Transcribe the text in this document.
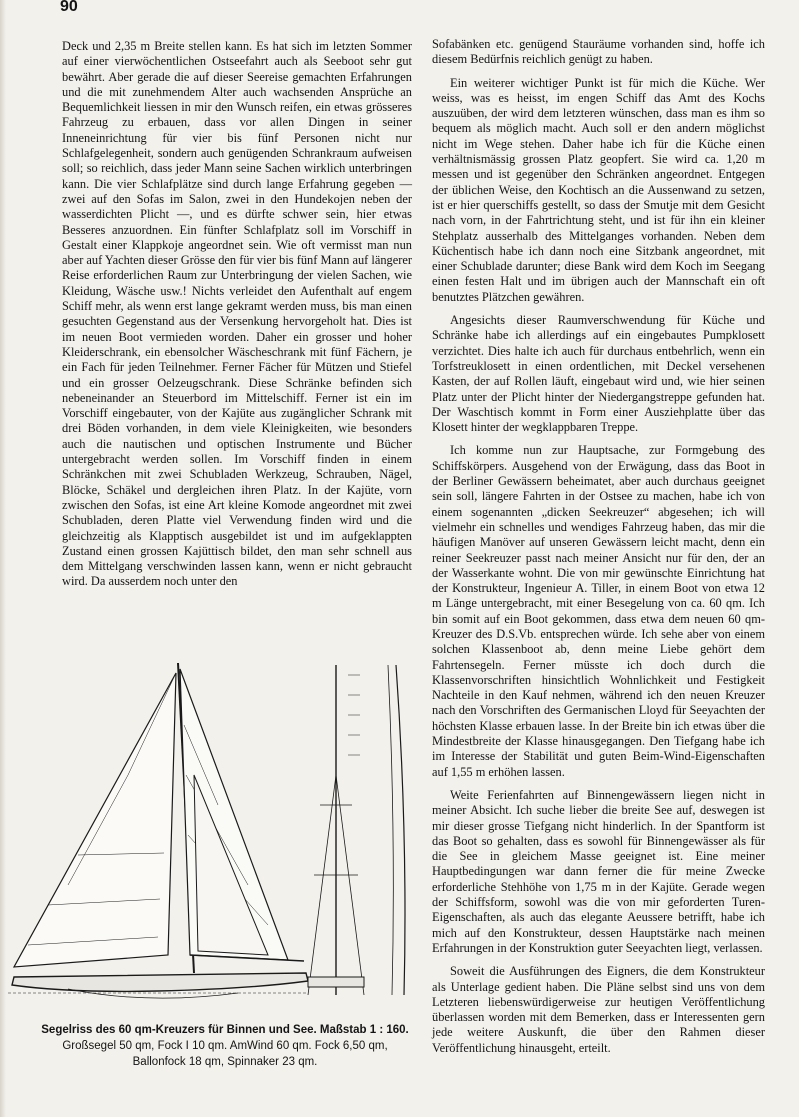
90

Deck und 2,35 m Breite stellen kann. Es hat sich im letzten Sommer auf einer vierwöchentlichen Ostseefahrt auch als Seeboot sehr gut bewährt. Aber gerade die auf dieser Seereise gemachten Erfahrungen und die mit zunehmendem Alter auch wachsenden Ansprüche an Bequemlichkeit liessen in mir den Wunsch reifen, ein etwas grösseres Fahrzeug zu erbauen, dass vor allen Dingen in seiner Inneneinrichtung für vier bis fünf Personen nicht nur Schlafgelegenheit, sondern auch genügenden Schrankraum aufweisen soll; so reichlich, dass jeder Mann seine Sachen wirklich unterbringen kann. Die vier Schlafplätze sind durch lange Erfahrung gegeben — zwei auf den Sofas im Salon, zwei in den Hundekojen neben der wasserdichten Plicht —, und es dürfte schwer sein, hier etwas Besseres anzuordnen. Ein fünfter Schlafplatz soll im Vorschiff in Gestalt einer Klappkoje angeordnet sein. Wie oft vermisst man nun aber auf Yachten dieser Grösse den für vier bis fünf Mann auf längerer Reise erforderlichen Raum zur Unterbringung der vielen Sachen, wie Kleidung, Wäsche usw.! Nichts verleidet den Aufenthalt auf engem Schiff mehr, als wenn erst lange gekramt werden muss, bis man einen gesuchten Gegenstand aus der Versenkung hervorgeholt hat. Dies ist im neuen Boot vermieden worden. Daher ein grosser und hoher Kleiderschrank, ein ebensolcher Wäscheschrank mit fünf Fächern, je ein Fach für jeden Teilnehmer. Ferner Fächer für Mützen und Stiefel und ein grosser Oelzeugschrank. Diese Schränke befinden sich nebeneinander an Steuerbord im Mittelschiff. Ferner ist ein im Vorschiff eingebauter, von der Kajüte aus zugänglicher Schrank mit drei Böden vorhanden, in dem viele Kleinigkeiten, wie besonders auch die nautischen und optischen Instrumente und Bücher untergebracht werden sollen. Im Vorschiff finden in einem Schränkchen mit zwei Schubladen Werkzeug, Schrauben, Nägel, Blöcke, Schäkel und dergleichen ihren Platz. In der Kajüte, vorn zwischen den Sofas, ist eine Art kleine Komode angeordnet mit zwei Schubladen, deren Platte viel Verwendung finden wird und die gleichzeitig als Klapptisch ausgebildet ist und im aufgeklappten Zustand einen grossen Kajüttisch bildet, den man sehr schnell aus dem Mittelgang verschwinden lassen kann, wenn er nicht gebraucht wird. Da ausserdem noch unter den

Sofabänken etc. genügend Stauräume vorhanden sind, hoffe ich diesem Bedürfnis reichlich genügt zu haben.

Ein weiterer wichtiger Punkt ist für mich die Küche. Wer weiss, was es heisst, im engen Schiff das Amt des Kochs auszuüben, der wird dem letzteren wünschen, dass man es ihm so bequem als möglich macht. Auch soll er den andern möglichst nicht im Wege stehen. Daher habe ich für die Küche einen verhältnismässig grossen Platz geopfert. Sie wird ca. 1,20 m messen und ist gegenüber den Schränken angeordnet. Entgegen der üblichen Weise, den Kochtisch an die Aussenwand zu setzen, ist er hier querschiffs gestellt, so dass der Smutje mit dem Gesicht nach vorn, in der Fahrtrichtung steht, und ist für ihn ein kleiner Stehplatz ausserhalb des Mittelganges vorhanden. Neben dem Küchentisch habe ich dann noch eine Sitzbank angeordnet, mit einer Schublade darunter; diese Bank wird dem Koch im Seegang einen festen Halt und im übrigen auch der Mannschaft ein oft benutztes Plätzchen gewähren.

Angesichts dieser Raumverschwendung für Küche und Schränke habe ich allerdings auf ein eingebautes Pumpklosett verzichtet. Dies halte ich auch für durchaus entbehrlich, wenn ein Torfstreuklosett in einen ordentlichen, mit Deckel versehenen Kasten, der auf Rollen läuft, eingebaut wird und, wie hier seinen Platz unter der Plicht hinter der Niedergangstreppe gefunden hat. Der Waschtisch kommt in Form einer Ausziehplatte über das Klosett hinter der wegklappbaren Treppe.

Ich komme nun zur Hauptsache, zur Formgebung des Schiffskörpers. Ausgehend von der Erwägung, dass das Boot in der Berliner Gewässern beheimatet, aber auch durchaus geeignet sein soll, längere Fahrten in der Ostsee zu machen, habe ich von einem sogenannten „dicken Seekreuzer“ abgesehen; ich will vielmehr ein schnelles und wendiges Fahrzeug haben, das mir die häufigen Manöver auf unseren Gewässern leicht macht, denn ein reiner Seekreuzer passt nach meiner Ansicht nur für den, der an der Wasserkante wohnt. Die von mir gewünschte Einrichtung hat der Konstrukteur, Ingenieur A. Tiller, in einem Boot von etwa 12 m Länge untergebracht, mit einer Besegelung von ca. 60 qm. Ich bin somit auf ein Boot gekommen, dass etwa dem neuen 60 qm-Kreuzer des D.S.Vb. entsprechen würde. Ich sehe aber von einem solchen Klassenboot ab, denn meine Liebe gehört dem Fahrtensegeln. Ferner müsste ich doch durch die Klassenvorschriften hinsichtlich Wohnlichkeit und Festigkeit Nachteile in den Kauf nehmen, während ich den neuen Kreuzer nach den Vorschriften des Germanischen Lloyd für Seeyachten der höchsten Klasse erbauen lasse. In der Breite bin ich etwas über die Mindestbreite der Klasse hinausgegangen. Den Tiefgang habe ich im Interesse der Stabilität und guten Beim-Wind-Eigenschaften auf 1,55 m erhöhen lassen.

Weite Ferienfahrten auf Binnengewässern liegen nicht in meiner Absicht. Ich suche lieber die breite See auf, deswegen ist mir dieser grosse Tiefgang nicht hinderlich. In der Spantform ist das Boot so gehalten, dass es sowohl für Binnengewässer als für die See in gleichem Masse geeignet ist. Eine meiner Hauptbedingungen war dann ferner die für meine Zwecke erforderliche Stehhöhe von 1,75 m in der Kajüte. Gerade wegen der Schiffsform, sowohl was die von mir geforderten Turen-Eigenschaften, als auch das elegante Aeussere betrifft, habe ich mich auf den Konstrukteur, dessen Hauptstärke nach meinen Erfahrungen in der Konstruktion guter Seeyachten liegt, verlassen.

Soweit die Ausführungen des Eigners, die dem Konstrukteur als Unterlage gedient haben. Die Pläne selbst sind uns von dem Letzteren liebenswürdigerweise zur heutigen Veröffentlichung überlassen worden mit dem Bemerken, dass er Interessenten gern jede weitere Auskunft, die über den Rahmen dieser Veröffentlichung hinausgeht, erteilt.

Segelriss des 60 qm-Kreuzers für Binnen und See. Maßstab 1 : 160.
Großsegel 50 qm, Fock I 10 qm. AmWind 60 qm. Fock 6,50 qm,
Ballonfock 18 qm, Spinnaker 23 qm.
